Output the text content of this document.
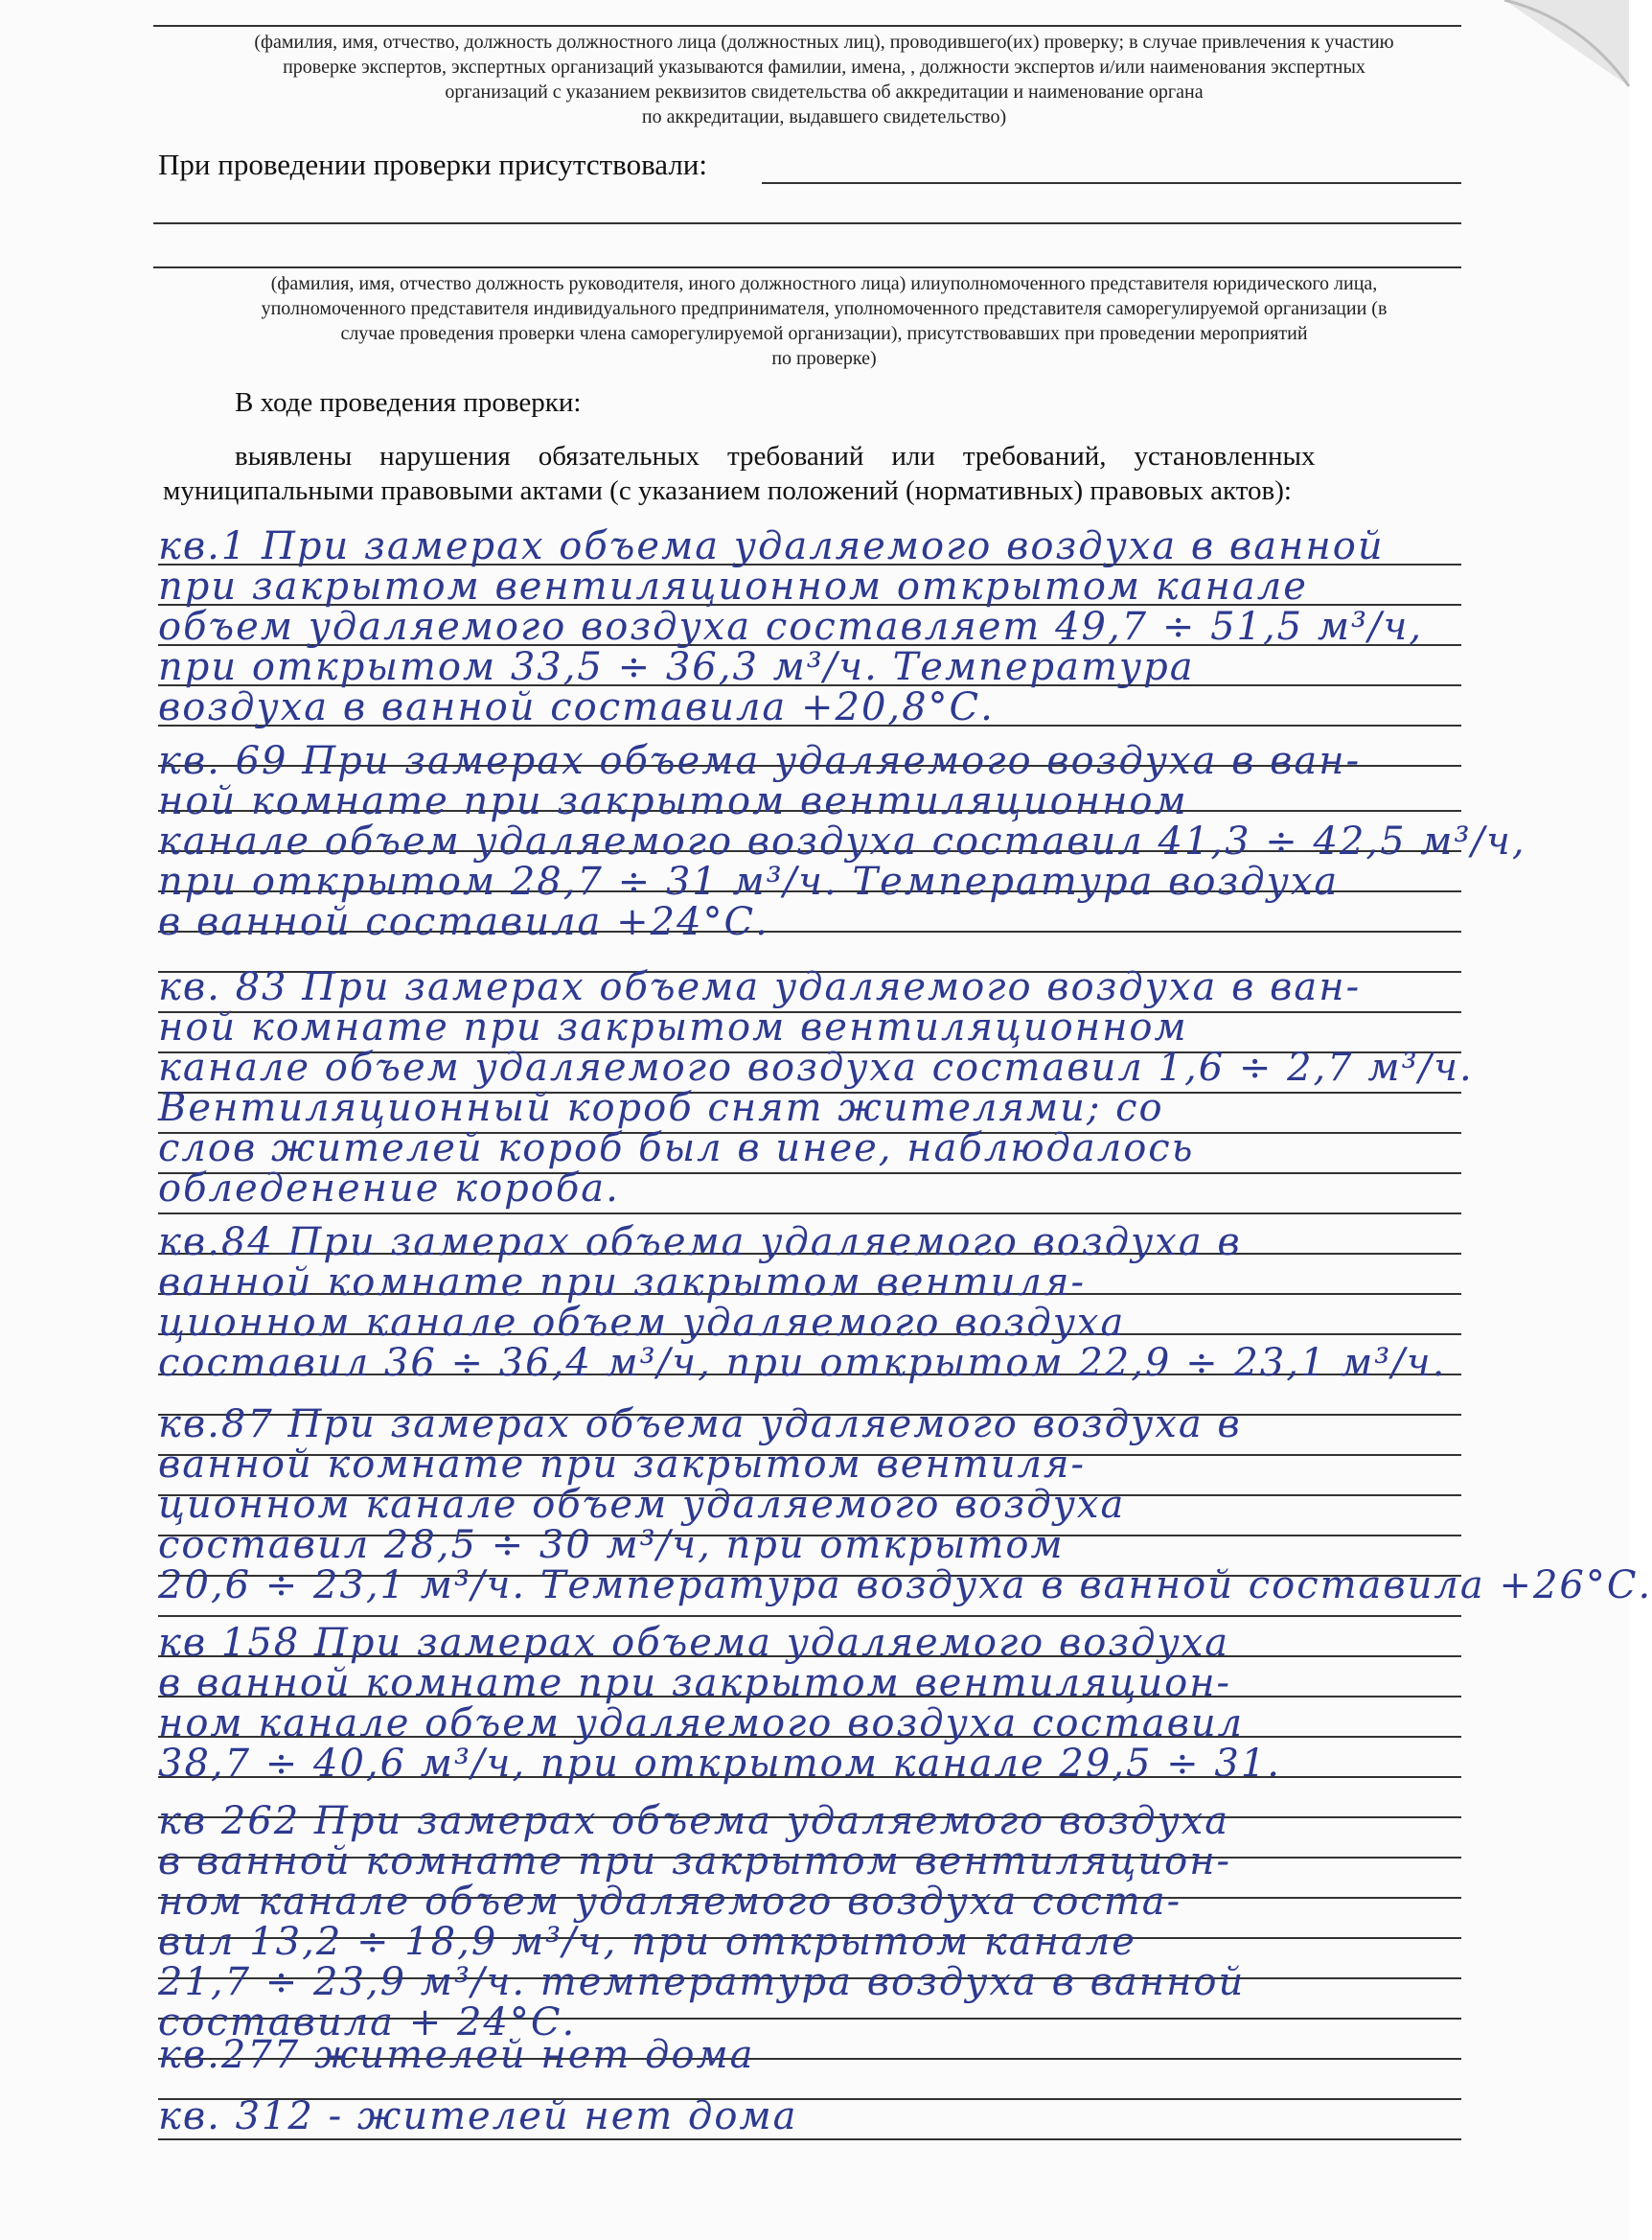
(фамилия, имя, отчество, должность должностного лица (должностных лиц), проводившего(их) проверку; в случае привлечения к участию
проверке экспертов, экспертных организаций указываются фамилии, имена, , должности экспертов и/или наименования экспертных
организаций с указанием реквизитов свидетельства об аккредитации и наименование органа
по аккредитации, выдавшего свидетельство)
При проведении проверки присутствовали:
(фамилия, имя, отчество должность руководителя, иного должностного лица) илиуполномоченного представителя юридического лица,
уполномоченного представителя индивидуального предпринимателя, уполномоченного представителя саморегулируемой организации (в
случае проведения проверки члена саморегулируемой организации), присутствовавших при проведении мероприятий
по проверке)
В ходе проведения проверки:
выявлены    нарушения    обязательных    требований    или    требований,    установленных
муниципальными правовыми актами (с указанием положений (нормативных) правовых актов):
кв.1 При замерах объема удаляемого воздуха в ванной
при закрытом вентиляционном открытом канале
объем удаляемого воздуха составляет 49,7 ÷ 51,5 м³/ч,
при открытом 33,5 ÷ 36,3 м³/ч. Температура
воздуха в ванной составила +20,8°С.
кв. 69 При замерах объема удаляемого воздуха в ван-
ной комнате при закрытом вентиляционном
канале объем удаляемого воздуха составил 41,3 ÷ 42,5 м³/ч,
при открытом 28,7 ÷ 31 м³/ч. Температура воздуха
в ванной составила +24°С.
кв. 83 При замерах объема удаляемого воздуха в ван-
ной комнате при закрытом вентиляционном
канале объем удаляемого воздуха составил 1,6 ÷ 2,7 м³/ч.
Вентиляционный короб снят жителями; со
слов жителей короб был в инее, наблюдалось
обледенение короба.
кв.84 При замерах объема удаляемого воздуха в
ванной комнате при закрытом вентиля-
ционном канале объем удаляемого воздуха
составил 36 ÷ 36,4 м³/ч, при открытом 22,9 ÷ 23,1 м³/ч.
кв.87 При замерах объема удаляемого воздуха в
ванной комнате при закрытом вентиля-
ционном канале объем удаляемого воздуха
составил 28,5 ÷ 30 м³/ч, при открытом
20,6 ÷ 23,1 м³/ч. Температура воздуха в ванной составила +26°С.
кв 158 При замерах объема удаляемого воздуха
в ванной комнате при закрытом вентиляцион-
ном канале объем удаляемого воздуха составил
38,7 ÷ 40,6 м³/ч, при открытом канале 29,5 ÷ 31.
кв 262 При замерах объема удаляемого воздуха
в ванной комнате при закрытом вентиляцион-
ном канале объем удаляемого воздуха соста-
вил 13,2 ÷ 18,9 м³/ч, при открытом канале
21,7 ÷ 23,9 м³/ч. температура воздуха в ванной
составила + 24°С.
кв.277 жителей нет дома
кв. 312 - жителей нет дома
